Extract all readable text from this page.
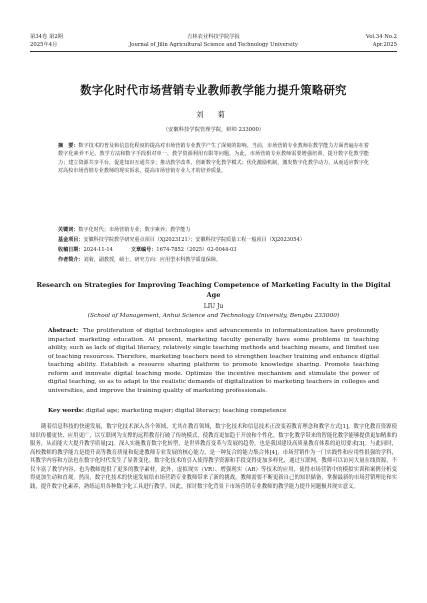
第34卷 第2期
2025年4月
吉林农业科技学院学报
Journal of Jilin Agricultural Science and Technology University
Vol.34 No.2
Apr.2025
数字化时代市场营销专业教师教学能力提升策略研究
刘 菊
（安徽科技学院管理学院，蚌埠 233000）
摘　要：数字技术的普及和信息化程度的提高对市场营销专业教学产生了深刻的影响。当前，市场营销专业教师在教学能力方面普遍存在着数字化素养不足、教学方法和数字手段相对单一、教学资源利用有限等问题。为此，市场营销专业教师需要增强培训，提升数字化教学能力；建立资源共享平台，促进知识互通共享；推动教学改革，创新数字化教学模式；优化激励机制，激发数字化教学动力，从而适应数字化对高校市场营销专业教师的现实诉求，提高市场营销专业人才的培养质量。
关键词：数字化时代；市场营销专业；数字素养；教学能力
基金项目：安徽科技学院教学研究重点项目（Xj2023121）；安徽科技学院质量工程一般项目（Xj2023054）
收稿日期：2024-11-14	文章编号：1674-7852（2025）02-0044-03
作者简介：刘菊，副教授，硕士，研究方向：应用型本科教学质量保障。
Research on Strategies for Improving Teaching Competence of Marketing Faculty in the Digital Age
LIU Ju
(School of Management, Anhui Science and Technology University, Bengbu 233000)
Abstract: The proliferation of digital technologies and advancements in informationization have profoundly impacted marketing education. At present, marketing faculty generally have some problems in teaching ability, such as lack of digital literacy, relatively single teaching methods and teaching means, and limited use of teaching resources. Therefore, marketing teachers need to strengthen teacher training and enhance digital teaching ability. Establish a resource sharing platform to promote knowledge sharing. Promote teaching reform and innovate digital teaching mode. Optimize the incentive mechanism and stimulate the power of digital teaching, so as to adapt to the realistic demands of digitalization to marketing teachers in colleges and universities, and improve the training quality of marketing professionals.
Key words: digital age; marketing major; digital literacy; teaching competence
随着信息科技的快速发展，数字化技术深入各个领域，尤其在教育领域，数字化技术和信息技术正改变着教育理念和教学方式[1]。数字化教育资源使知识传播更快、应用更广，以互联网为支撑的远程教育打破了传统模式，使教育更加趋于开放和个性化。数字化教学带来的智能化教学能够提供更加精准的服务，从而能大大提升教学质量[2]。深入实施教育数字化转型，是世界教育变革与发展的趋势，也是我国建设高质量教育体系的迫切要求[3]。与此同时，高校教师的教学能力是提升高等教育质量和促进教师专业发展的核心能力，是一种复合的能力集合体[4]。市场营销作为一门实践性和应用性很强的学科，其教学内容和方法也在数字化时代发生了显著变化。数字化技术的引入使得教学资源和手段变得更加多样化，通过互联网，教师可以访问大量在线资源，不仅丰富了教学内容，也为教师提供了更多的教学素材。此外，虚拟现实（VR）、增强现实（AR）等技术的应用，使得市场营销中的模拟实训和案例分析变得更加生动和直观。然而，数字化技术的快速发展给市场营销专业教师带来了新的挑战，教师需要不断更新自己的知识储备，掌握最新的市场营销理论和实践，提升数字化素养，熟练运用各种数字化工具进行教学。因此，探讨数字化背景下市场营销专业教师的教学能力提升问题极其现实意义。
